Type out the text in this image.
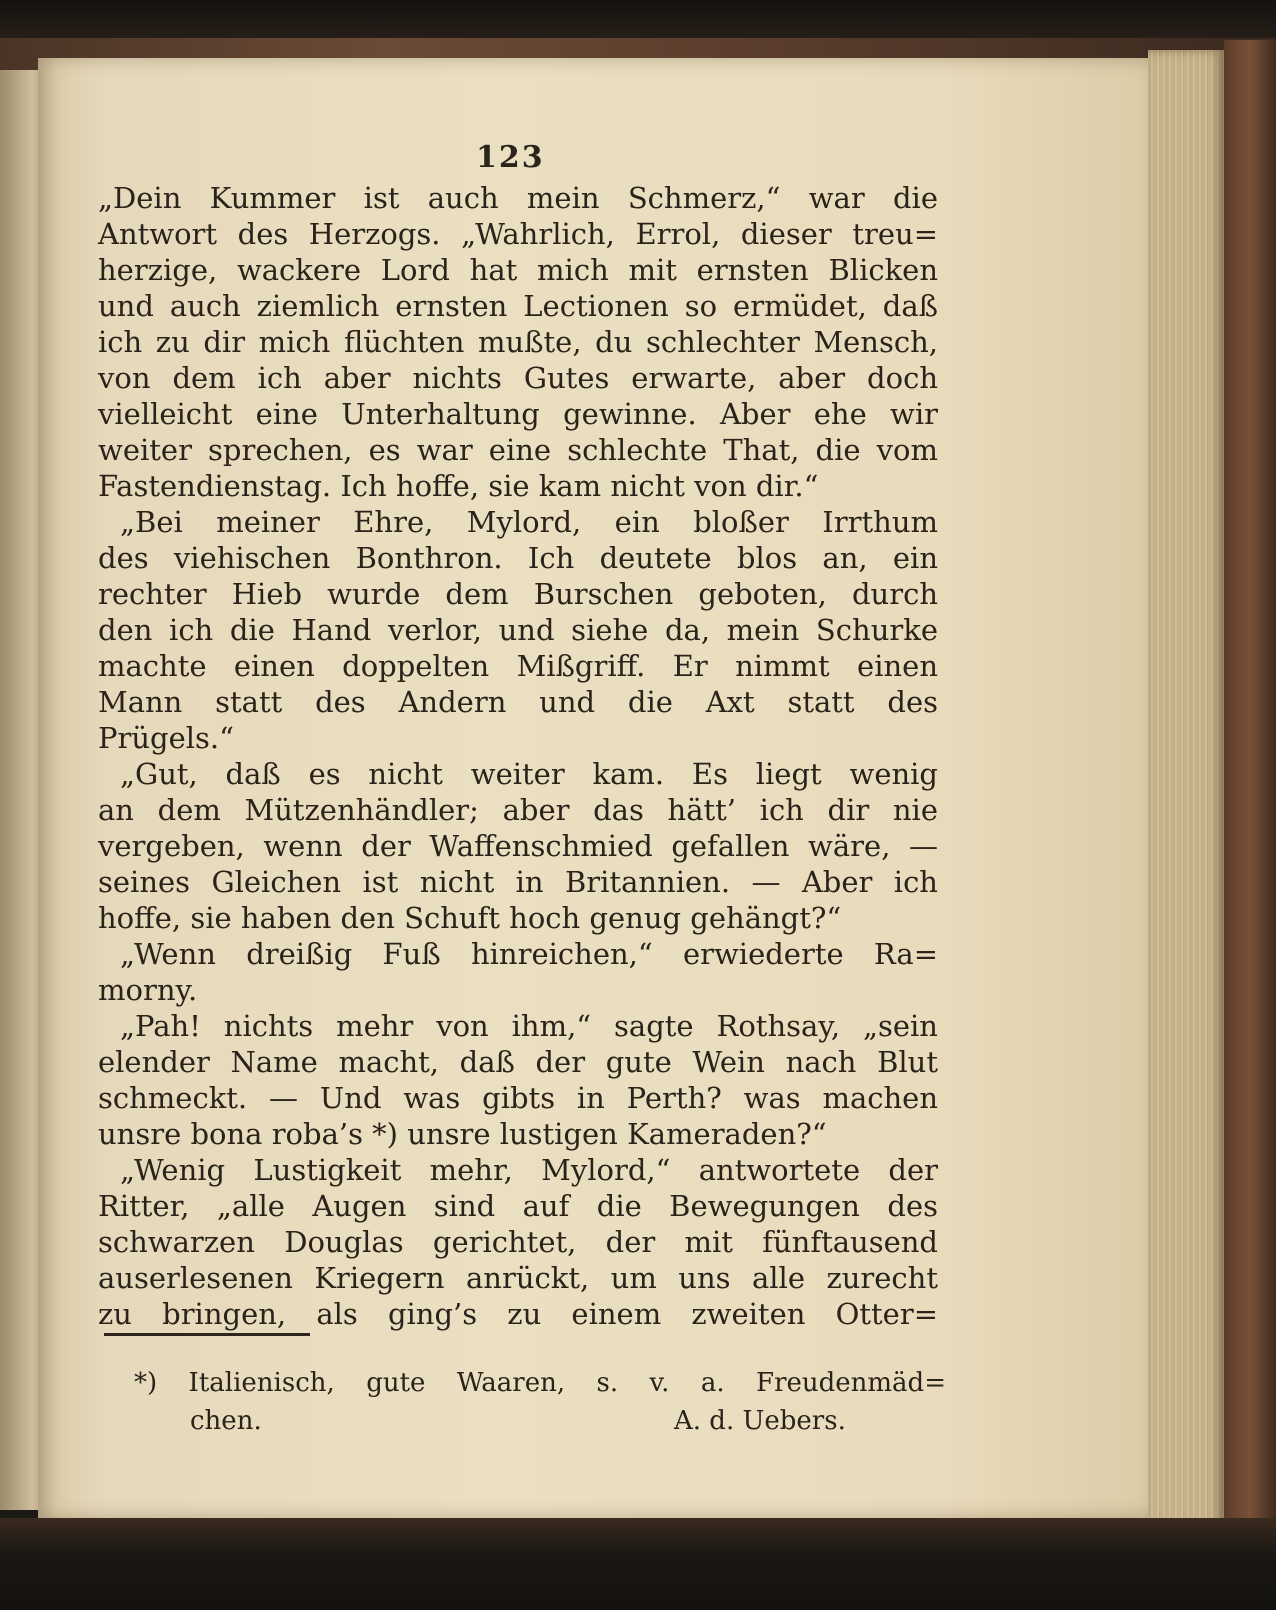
123
„Dein Kummer ist auch mein Schmerz,“ war die
Antwort des Herzogs. „Wahrlich, Errol, dieser treu=
herzige, wackere Lord hat mich mit ernsten Blicken
und auch ziemlich ernsten Lectionen so ermüdet, daß
ich zu dir mich flüchten mußte, du schlechter Mensch,
von dem ich aber nichts Gutes erwarte, aber doch
vielleicht eine Unterhaltung gewinne. Aber ehe wir
weiter sprechen, es war eine schlechte That, die vom
Fastendienstag. Ich hoffe, sie kam nicht von dir.“
„Bei meiner Ehre, Mylord, ein bloßer Irrthum
des viehischen Bonthron. Ich deutete blos an, ein
rechter Hieb wurde dem Burschen geboten, durch
den ich die Hand verlor, und siehe da, mein Schurke
machte einen doppelten Mißgriff. Er nimmt einen
Mann statt des Andern und die Axt statt des
Prügels.“
„Gut, daß es nicht weiter kam. Es liegt wenig
an dem Mützenhändler; aber das hätt’ ich dir nie
vergeben, wenn der Waffenschmied gefallen wäre, —
seines Gleichen ist nicht in Britannien. — Aber ich
hoffe, sie haben den Schuft hoch genug gehängt?“
„Wenn dreißig Fuß hinreichen,“ erwiederte Ra=
morny.
„Pah! nichts mehr von ihm,“ sagte Rothsay, „sein
elender Name macht, daß der gute Wein nach Blut
schmeckt. — Und was gibts in Perth? was machen
unsre bona roba’s *) unsre lustigen Kameraden?“
„Wenig Lustigkeit mehr, Mylord,“ antwortete der
Ritter, „alle Augen sind auf die Bewegungen des
schwarzen Douglas gerichtet, der mit fünftausend
auserlesenen Kriegern anrückt, um uns alle zurecht
zu bringen, als ging’s zu einem zweiten Otter=
*) Italienisch, gute Waaren, s. v. a. Freudenmäd=
chen.	A. d. Uebers.
